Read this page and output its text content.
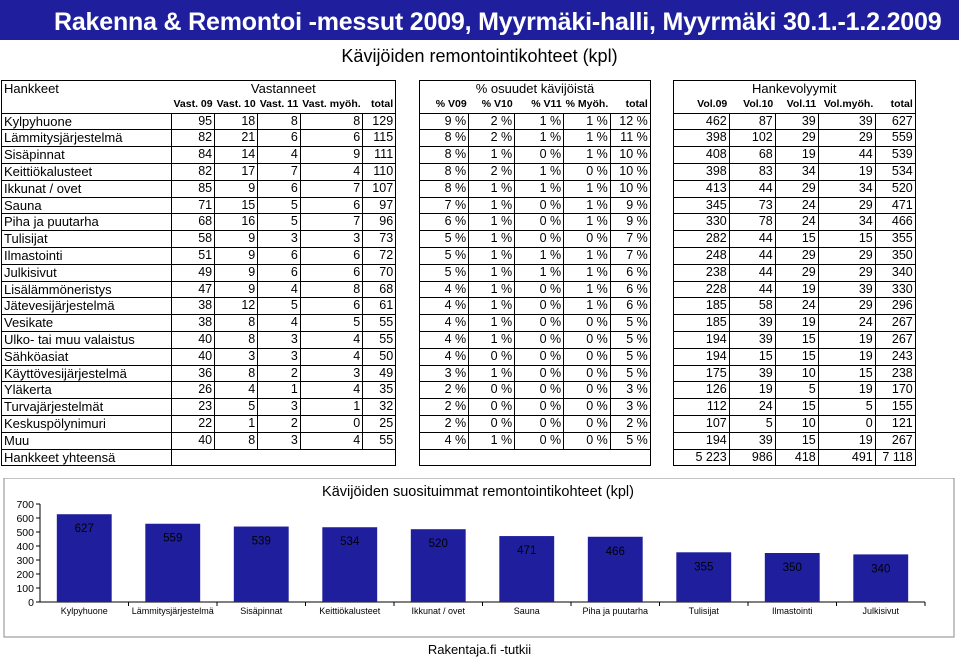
Rakenna & Remontoi -messut 2009, Myyrmäki-halli, Myyrmäki 30.1.-1.2.2009
Kävijöiden remontointikohteet (kpl)
Hankkeet	Vastanneet						% osuudet kävijöistä						Hankevolyymit				
	Vast. 09	Vast. 10	Vast. 11	Vast. myöh.	total		% V09	% V10	% V11	% Myöh.	total		Vol.09	Vol.10	Vol.11	Vol.myöh.	total
Kylpyhuone	95	18	8	8	129		9 %	2 %	1 %	1 %	12 %		462	87	39	39	627
Lämmitysjärjestelmä	82	21	6	6	115		8 %	2 %	1 %	1 %	11 %		398	102	29	29	559
Sisäpinnat	84	14	4	9	111		8 %	1 %	0 %	1 %	10 %		408	68	19	44	539
Keittiökalusteet	82	17	7	4	110		8 %	2 %	1 %	0 %	10 %		398	83	34	19	534
Ikkunat / ovet	85	9	6	7	107		8 %	1 %	1 %	1 %	10 %		413	44	29	34	520
Sauna	71	15	5	6	97		7 %	1 %	0 %	1 %	9 %		345	73	24	29	471
Piha ja puutarha	68	16	5	7	96		6 %	1 %	0 %	1 %	9 %		330	78	24	34	466
Tulisijat	58	9	3	3	73		5 %	1 %	0 %	0 %	7 %		282	44	15	15	355
Ilmastointi	51	9	6	6	72		5 %	1 %	1 %	1 %	7 %		248	44	29	29	350
Julkisivut	49	9	6	6	70		5 %	1 %	1 %	1 %	6 %		238	44	29	29	340
Lisälämmöneristys	47	9	4	8	68		4 %	1 %	0 %	1 %	6 %		228	44	19	39	330
Jätevesijärjestelmä	38	12	5	6	61		4 %	1 %	0 %	1 %	6 %		185	58	24	29	296
Vesikate	38	8	4	5	55		4 %	1 %	0 %	0 %	5 %		185	39	19	24	267
Ulko- tai muu valaistus	40	8	3	4	55		4 %	1 %	0 %	0 %	5 %		194	39	15	19	267
Sähköasiat	40	3	3	4	50		4 %	0 %	0 %	0 %	5 %		194	15	15	19	243
Käyttövesijärjestelmä	36	8	2	3	49		3 %	1 %	0 %	0 %	5 %		175	39	10	15	238
Yläkerta	26	4	1	4	35		2 %	0 %	0 %	0 %	3 %		126	19	5	19	170
Turvajärjestelmät	23	5	3	1	32		2 %	0 %	0 %	0 %	3 %		112	24	15	5	155
Keskuspölynimuri	22	1	2	0	25		2 %	0 %	0 %	0 %	2 %		107	5	10	0	121
Muu	40	8	3	4	55		4 %	1 %	0 %	0 %	5 %		194	39	15	19	267
Hankkeet yhteensä													5 223	986	418	491	7 118
Kävijöiden suosituimmat remontointikohteet (kpl)
0
100
200
300
400
500
600
700
627
Kylpyhuone
559
Lämmitysjärjestelmä
539
Sisäpinnat
534
Keittiökalusteet
520
Ikkunat / ovet
471
Sauna
466
Piha ja puutarha
355
Tulisijat
350
Ilmastointi
340
Julkisivut
Rakentaja.fi -tutkii
